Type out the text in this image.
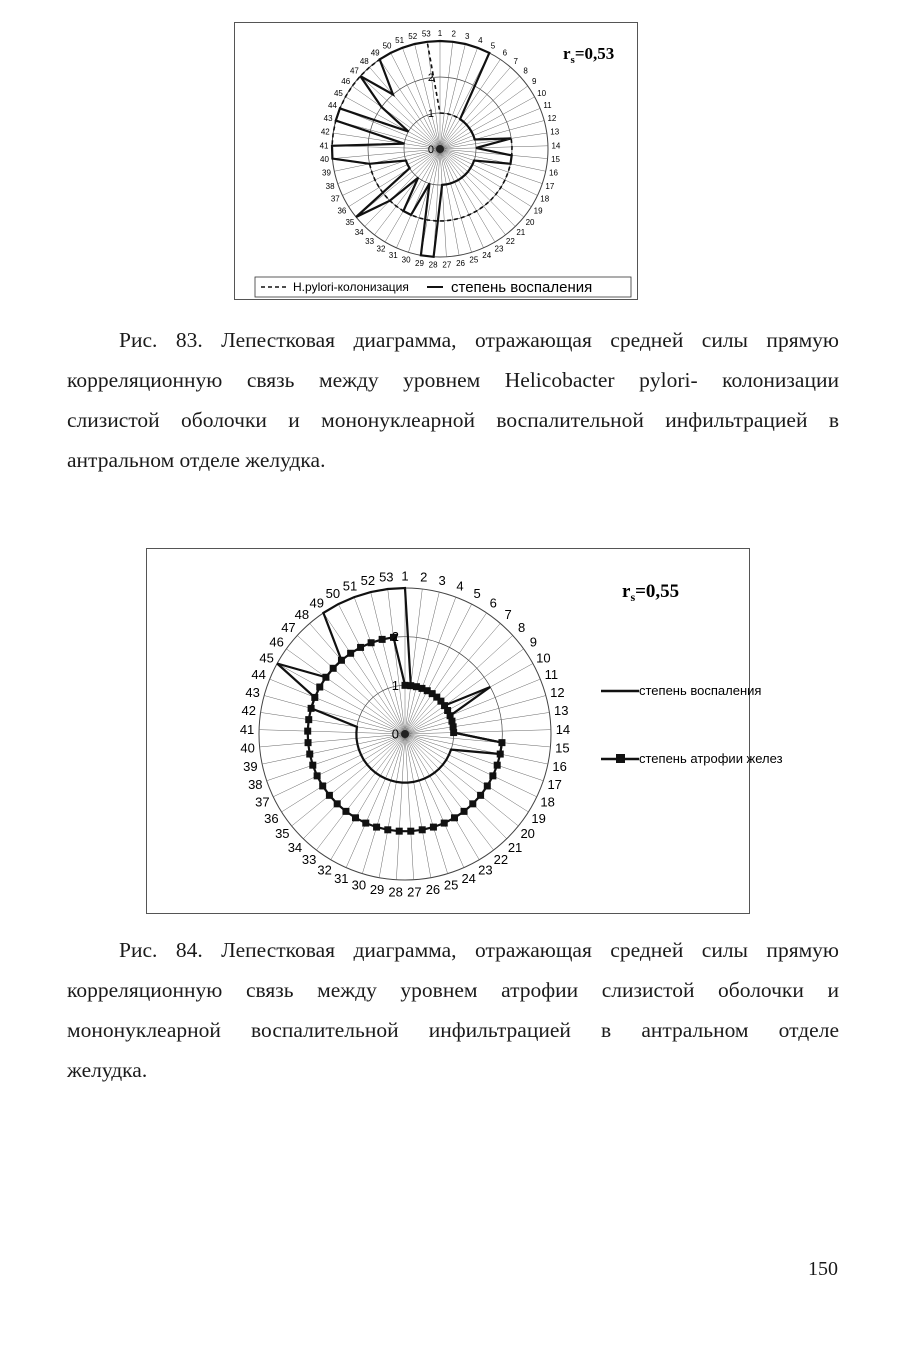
1 2 3 4
5
6
7
8
9
10
11
12
13
14
15
16
17
18
19
20
21
22
23
24
25
26
27
28
29
30
31
32
33
34
35
36
37
38
39
40
41
42
43
44
45
46
47
48
49
50
51 52 53
0
1
2
$r_s=0,53$
H.pylori-колонизация	степень воспаления

Рис. 83. Лепестковая диаграмма, отражающая средней силы прямую
корреляционную связь между уровнем Helicobacter pylori- колонизации
слизистой оболочки и мононуклеарной воспалительной инфильтрацией в
антральном отделе желудка.

1 2 3 4
5
6
7
8
9
10
11
12
13
14
15
16
17
18
19
20
21
22
23
24
25
26
27
28
29
30
31
32
33
34
35
36
37
38
39
40
41
42
43
44
45
46
47
48
49
50
51 52 53
0
1
2
$r_s=0,55$
степень воспаления
степень атрофии желез

Рис. 84. Лепестковая диаграмма, отражающая средней силы прямую
корреляционную связь между уровнем атрофии слизистой оболочки и
мононуклеарной воспалительной инфильтрацией в антральном отделе
желудка.

150
